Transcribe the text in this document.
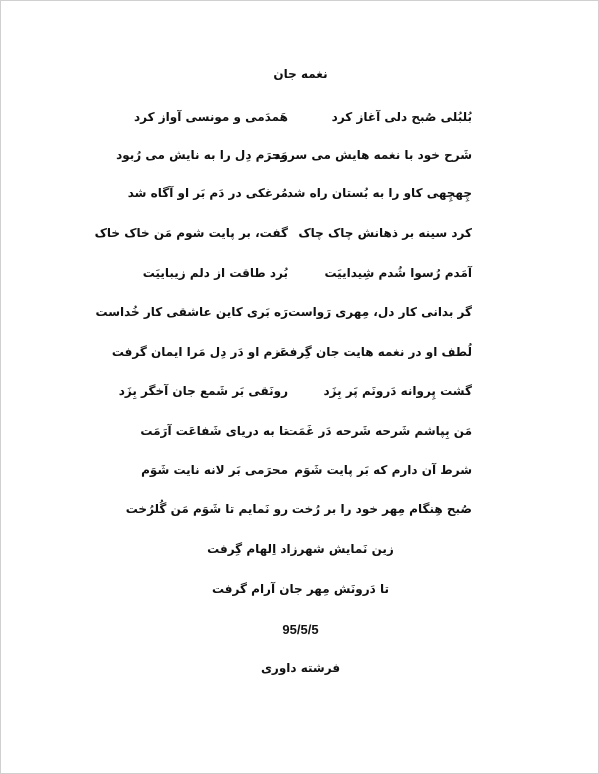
نغمه جان
بُلبُلی صُبح دلی آغاز کرد
هَمدَمی و مونسی آواز کرد
شَرح خود با نغمه هایش می سرود
مَحرَم دِل را به نایش می رُبود
چِهچِهی کاو را به بُستان راه شد
مُرغکی در دَم بَر او آگاه شد
کرد سینه بر ذهانش چاک چاک
گفت، بر پایت شوم مَن خاک خاک
آمَدم رُسوا شُدم شِیداییَت
بُرد طاقت از دلم زیباییَت
گر بدانی کار دل، مِهری رَواست
رَه بَری کاین عاشقی کار خُداست
لُطف او در نغمه هایت جان گِرفت
عَزم او دَر دِل مَرا ایمان گرفت
گشت پِروانه دَرونَم پَر بِزَد
رونَقی بَر شَمع جان آخگر بِزَد
مَن بِپاشم شَرحه شَرحه دَر غَمَت
تا به دریای شَفاعَت آرَمَت
شرط آن دارم که بَر پایت شَوَم
محرَمی بَر لانه نایت شَوَم
صُبح هِنگام مِهر خود را بر رُخت
رو نَمایم تا شَوَم مَن گُلرُخت
زین نَمایش شهرزاد اِلهام گِرفت
تا دَرونَش مِهر جان آرام گرفت
95/5/5
فرشته داوری
